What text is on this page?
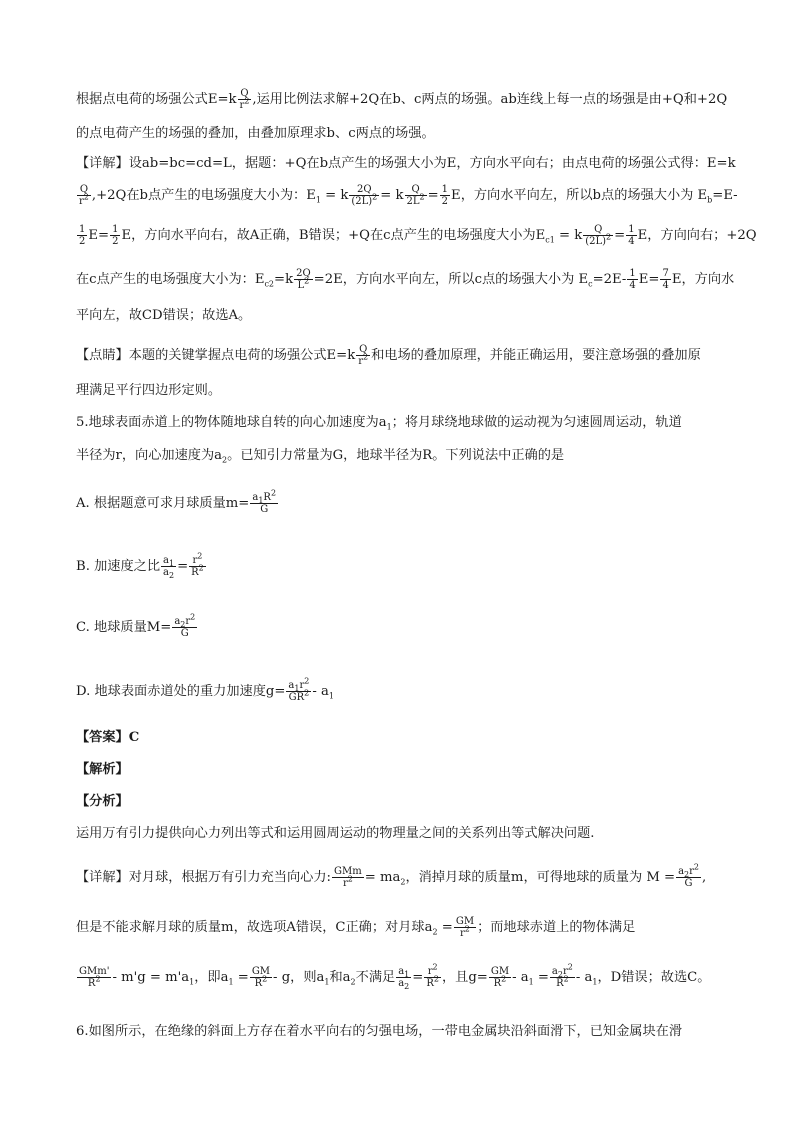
根据点电荷的场强公式$E=k \frac{Q}{r^2}$ ,运用比例法求解+2Q在b、c两点的场强。ab连线上每一点的场强是由+Q和+2Q
的点电荷产生的场强的叠加，由叠加原理求b、c两点的场强。
【详解】设ab=bc=cd=L，据题：+Q在b点产生的场强大小为E，方向水平向右；由点电荷的场强公式得：E=k
$\frac{Q}{r^2} ,+2Q$在b点产生的电场强度大小为：$E_1 = k \frac{2Q}{(2L)^2} = k \frac{Q}{2L^2} = \frac{1}{2}$ E，方向水平向左，所以b点的场强大小为 $E_b=E-$
$\frac{1}{2} E= \frac{1}{2}$ E，方向水平向右，故A正确，B错误；+Q在c点产生的电场强度大小为$E_{c1} = k \frac{Q}{(2L)^2} = \frac{1}{4}$ E，方向向右；+2Q
在c点产生的电场强度大小为：$E_{c2}=k \frac{2Q}{L^2} =2E$，方向水平向左，所以c点的场强大小为 $E_c=2E- \frac{1}{4} E= \frac{7}{4}$ E，方向水
平向左，故CD错误；故选A。
【点睛】本题的关键掌握点电荷的场强公式$E=k \frac{Q}{r^2}$ 和电场的叠加原理，并能正确运用，要注意场强的叠加原
理满足平行四边形定则。
5.地球表面赤道上的物体随地球自转的向心加速度为$a_1$；将月球绕地球做的运动视为匀速圆周运动，轨道
半径为r，向心加速度为$a_2$。已知引力常量为G，地球半径为R。下列说法中正确的是
A. 根据题意可求月球质量$m= \frac{a_1R^2}{G}$
B. 加速度之比 $\frac{a_1}{a_2} = \frac{r^2}{R^2}$
C. 地球质量$M= \frac{a_2r^2}{G}$
D. 地球表面赤道处的重力加速度$g= \frac{a_1r^2}{GR^2} - a_1$
【答案】C
【解析】
【分析】
运用万有引力提供向心力列出等式和运用圆周运动的物理量之间的关系列出等式解决问题.
【详解】对月球，根据万有引力充当向心力: GMm
$r^2 = ma_2$，消掉月球的质量m，可得地球的质量为 $M = \frac{a_2r^2}{G}$ ,
但是不能求解月球的质量m，故选项A错误，C正确；对月球$a_2 = \frac{GM}{r^2}$ ；而地球赤道上的物体满足
GMm'
$R^2 - m'g = m'a_1$，即$a_1 = \frac{GM}{R^2} - g$，则$a_1$和$a_2$不满足 $\frac{a_1}{a_2} = \frac{r^2}{R^2}$ ，且$g= \frac{GM}{R^2} - a_1 = \frac{a_2r^2}{R^2} - a_1$，D错误；故选C。
6.如图所示，在绝缘的斜面上方存在着水平向右的匀强电场，一带电金属块沿斜面滑下，已知金属块在滑
